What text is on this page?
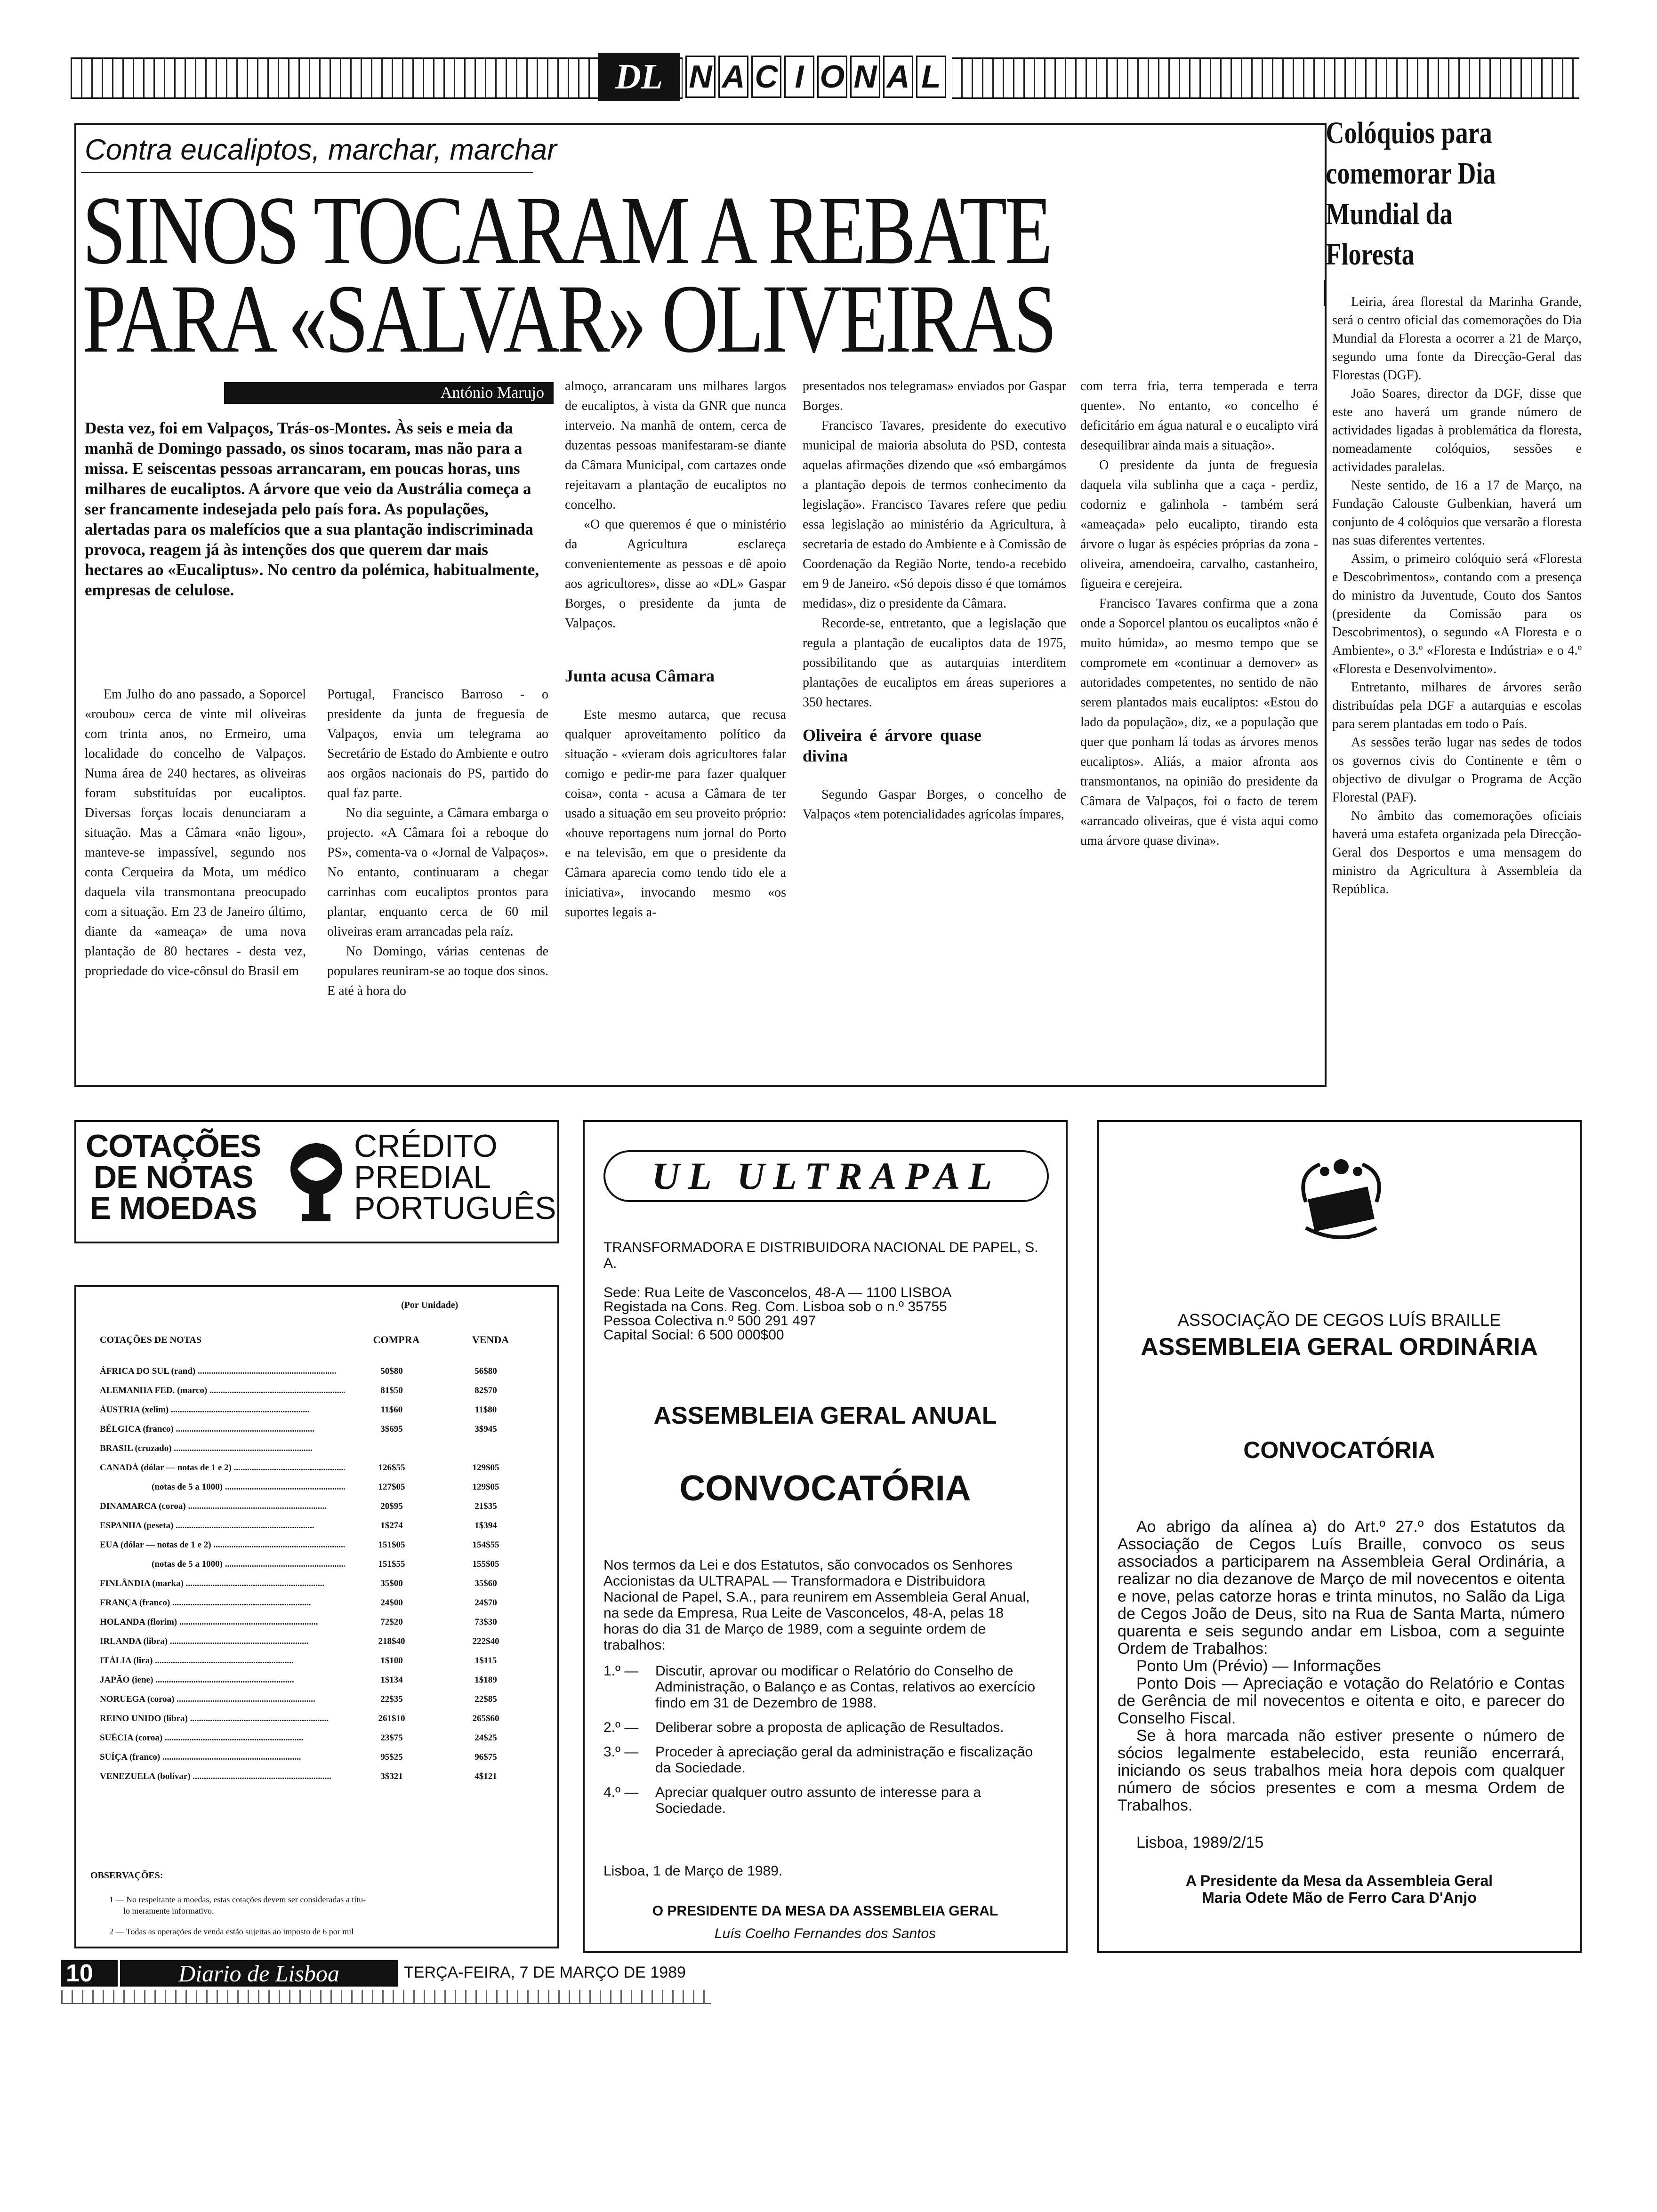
DL N A C I O N A L
Contra eucaliptos, marchar, marchar
SINOS TOCARAM A REBATE
PARA «SALVAR» OLIVEIRAS
António Marujo
Desta vez, foi em Valpaços, Trás-os-Montes. Às seis e meia da manhã de Domingo passado, os sinos tocaram, mas não para a missa. E seiscentas pessoas arrancaram, em poucas horas, uns milhares de eucaliptos. A árvore que veio da Austrália começa a ser francamente indesejada pelo país fora. As populações, alertadas para os malefícios que a sua plantação indiscriminada provoca, reagem já às intenções dos que querem dar mais hectares ao «Eucaliptus». No centro da polémica, habitualmente, empresas de celulose.

Em Julho do ano passado, a Soporcel «roubou» cerca de vinte mil oliveiras com trinta anos, no Ermeiro, uma localidade do concelho de Valpaços. Numa área de 240 hectares, as oliveiras foram substituídas por eucaliptos. Diversas forças locais denunciaram a situação. Mas a Câmara «não ligou», manteve-se impassível, segundo nos conta Cerqueira da Mota, um médico daquela vila transmontana preocupado com a situação. Em 23 de Janeiro último, diante da «ameaça» de uma nova plantação de 80 hectares - desta vez, propriedade do vice-cônsul do Brasil em

Portugal, Francisco Barroso - o presidente da junta de freguesia de Valpaços, envia um telegrama ao Secretário de Estado do Ambiente e outro aos orgãos nacionais do PS, partido do qual faz parte.

No dia seguinte, a Câmara embarga o projecto. «A Câmara foi a reboque do PS», comenta-va o «Jornal de Valpaços». No entanto, continuaram a chegar carrinhas com eucaliptos prontos para plantar, enquanto cerca de 60 mil oliveiras eram arrancadas pela raíz.

No Domingo, várias centenas de populares reuniram-se ao toque dos sinos. E até à hora do

almoço, arrancaram uns milhares largos de eucaliptos, à vista da GNR que nunca interveio. Na manhã de ontem, cerca de duzentas pessoas manifestaram-se diante da Câmara Municipal, com cartazes onde rejeitavam a plantação de eucaliptos no concelho.

«O que queremos é que o ministério da Agricultura esclareça convenientemente as pessoas e dê apoio aos agricultores», disse ao «DL» Gaspar Borges, o presidente da junta de Valpaços.

Junta acusa Câmara

Este mesmo autarca, que recusa qualquer aproveitamento político da situação - «vieram dois agricultores falar comigo e pedir-me para fazer qualquer coisa», conta - acusa a Câmara de ter usado a situação em seu proveito próprio: «houve reportagens num jornal do Porto e na televisão, em que o presidente da Câmara aparecia como tendo tido ele a iniciativa», invocando mesmo «os suportes legais a-

presentados nos telegramas» enviados por Gaspar Borges.

Francisco Tavares, presidente do executivo municipal de maioria absoluta do PSD, contesta aquelas afirmações dizendo que «só embargámos a plantação depois de termos conhecimento da legislação». Francisco Tavares refere que pediu essa legislação ao ministério da Agricultura, à secretaria de estado do Ambiente e à Comissão de Coordenação da Região Norte, tendo-a recebido em 9 de Janeiro. «Só depois disso é que tomámos medidas», diz o presidente da Câmara.

Recorde-se, entretanto, que a legislação que regula a plantação de eucaliptos data de 1975, possibilitando que as autarquias interditem plantações de eucaliptos em áreas superiores a 350 hectares.

Oliveira é árvore quase divina

Segundo Gaspar Borges, o concelho de Valpaços «tem potencialidades agrícolas ímpares,

com terra fria, terra temperada e terra quente». No entanto, «o concelho é deficitário em água natural e o eucalipto virá desequilibrar ainda mais a situação».

O presidente da junta de freguesia daquela vila sublinha que a caça - perdiz, codorniz e galinhola - também será «ameaçada» pelo eucalipto, tirando esta árvore o lugar às espécies próprias da zona - oliveira, amendoeira, carvalho, castanheiro, figueira e cerejeira.

Francisco Tavares confirma que a zona onde a Soporcel plantou os eucaliptos «não é muito húmida», ao mesmo tempo que se compromete em «continuar a demover» as autoridades competentes, no sentido de não serem plantados mais eucaliptos: «Estou do lado da população», diz, «e a população que quer que ponham lá todas as árvores menos eucaliptos». Aliás, a maior afronta aos transmontanos, na opinião do presidente da Câmara de Valpaços, foi o facto de terem «arrancado oliveiras, que é vista aqui como uma árvore quase divina».

Colóquios para comemorar Dia Mundial da Floresta

Leiria, área florestal da Marinha Grande, será o centro oficial das comemorações do Dia Mundial da Floresta a ocorrer a 21 de Março, segundo uma fonte da Direcção-Geral das Florestas (DGF).

João Soares, director da DGF, disse que este ano haverá um grande número de actividades ligadas à problemática da floresta, nomeadamente colóquios, sessões e actividades paralelas.

Neste sentido, de 16 a 17 de Março, na Fundação Calouste Gulbenkian, haverá um conjunto de 4 colóquios que versarão a floresta nas suas diferentes vertentes.

Assim, o primeiro colóquio será «Floresta e Descobrimentos», contando com a presença do ministro da Juventude, Couto dos Santos (presidente da Comissão para os Descobrimentos), o segundo «A Floresta e o Ambiente», o 3.º «Floresta e Indústria» e o 4.º «Floresta e Desenvolvimento».

Entretanto, milhares de árvores serão distribuídas pela DGF a autarquias e escolas para serem plantadas em todo o País.

As sessões terão lugar nas sedes de todos os governos civis do Continente e têm o objectivo de divulgar o Programa de Acção Florestal (PAF).

No âmbito das comemorações oficiais haverá uma estafeta organizada pela Direcção-Geral dos Desportos e uma mensagem do ministro da Agricultura à Assembleia da República.

COTAÇÕES
DE NOTAS
E MOEDAS
CRÉDITO
PREDIAL
PORTUGUÊS
(Por Unidade)
COTAÇÕES DE NOTAS	COMPRA	VENDA
ÁFRICA DO SUL (rand) .....	50$80	56$80

ALEMANHA FED. (marco) .....	81$50	82$70

ÁUSTRIA (xelim) .....	11$60	11$80

BÉLGICA (franco) .....	3$695	3$945

BRASIL (cruzado) .....

CANADÁ (dólar — notas de 1 e 2) .....	126$55	129$05

(notas de 5 a 1000) .....	127$05	129$05

DINAMARCA (coroa) .....	20$95	21$35

ESPANHA (peseta) .....	1$274	1$394

EUA (dólar — notas de 1 e 2) .....	151$05	154$55

(notas de 5 a 1000) .....	151$55	155$05

FINLÂNDIA (marka) .....	35$00	35$60

FRANÇA (franco) .....	24$00	24$70

HOLANDA (florim) .....	72$20	73$30

IRLANDA (libra) .....	218$40	222$40

ITÁLIA (lira) .....	1$100	1$115

JAPÃO (iene) .....	1$134	1$189

NORUEGA (coroa) .....	22$35	22$85

REINO UNIDO (libra) .....	261$10	265$60

SUÉCIA (coroa) .....	23$75	24$25

SUÍÇA (franco) .....	95$25	96$75

VENEZUELA (bolívar) .....	3$321	4$121
OBSERVAÇÕES:
1 — No respeitante a moedas, estas cotações devem ser consideradas a títu-
lo meramente informativo.
2 — Todas as operações de venda estão sujeitas ao imposto de 6 por mil
UL ULTRAPAL
TRANSFORMADORA E DISTRIBUIDORA NACIONAL DE PAPEL, S. A.
Sede: Rua Leite de Vasconcelos, 48-A — 1100 LISBOA
Registada na Cons. Reg. Com. Lisboa sob o n.º 35755
Pessoa Colectiva n.º 500 291 497
Capital Social: 6 500 000$00
ASSEMBLEIA GERAL ANUAL
CONVOCATÓRIA
Nos termos da Lei e dos Estatutos, são convocados os Senhores Accionistas da ULTRAPAL — Transformadora e Distribuidora Nacional de Papel, S.A., para reunirem em Assembleia Geral Anual, na sede da Empresa, Rua Leite de Vasconcelos, 48-A, pelas 18 horas do dia 31 de Março de 1989, com a seguinte ordem de trabalhos:
1.º —	Discutir, aprovar ou modificar o Relatório do Conselho de Administração, o Balanço e as Contas, relativos ao exercício findo em 31 de Dezembro de 1988.
2.º —	Deliberar sobre a proposta de aplicação de Resultados.
3.º —	Proceder à apreciação geral da administração e fiscalização da Sociedade.
4.º —	Apreciar qualquer outro assunto de interesse para a Sociedade.
Lisboa, 1 de Março de 1989.
O PRESIDENTE DA MESA DA ASSEMBLEIA GERAL
Luís Coelho Fernandes dos Santos
ASSOCIAÇÃO DE CEGOS LUÍS BRAILLE
ASSEMBLEIA GERAL ORDINÁRIA
CONVOCATÓRIA

Ao abrigo da alínea a) do Art.º 27.º dos Estatutos da Associação de Cegos Luís Braille, convoco os seus associados a participarem na Assembleia Geral Ordinária, a realizar no dia dezanove de Março de mil novecentos e oitenta e nove, pelas catorze horas e trinta minutos, no Salão da Liga de Cegos João de Deus, sito na Rua de Santa Marta, número quarenta e seis segundo andar em Lisboa, com a seguinte Ordem de Trabalhos:

Ponto Um (Prévio) — Informações

Ponto Dois — Apreciação e votação do Relatório e Contas de Gerência de mil novecentos e oitenta e oito, e parecer do Conselho Fiscal.

Se à hora marcada não estiver presente o número de sócios legalmente estabelecido, esta reunião encerrará, iniciando os seus trabalhos meia hora depois com qualquer número de sócios presentes e com a mesma Ordem de Trabalhos.

Lisboa, 1989/2/15
A Presidente da Mesa da Assembleia Geral
Maria Odete Mão de Ferro Cara D'Anjo
10	Diario de Lisboa	TERÇA-FEIRA, 7 DE MARÇO DE 1989
